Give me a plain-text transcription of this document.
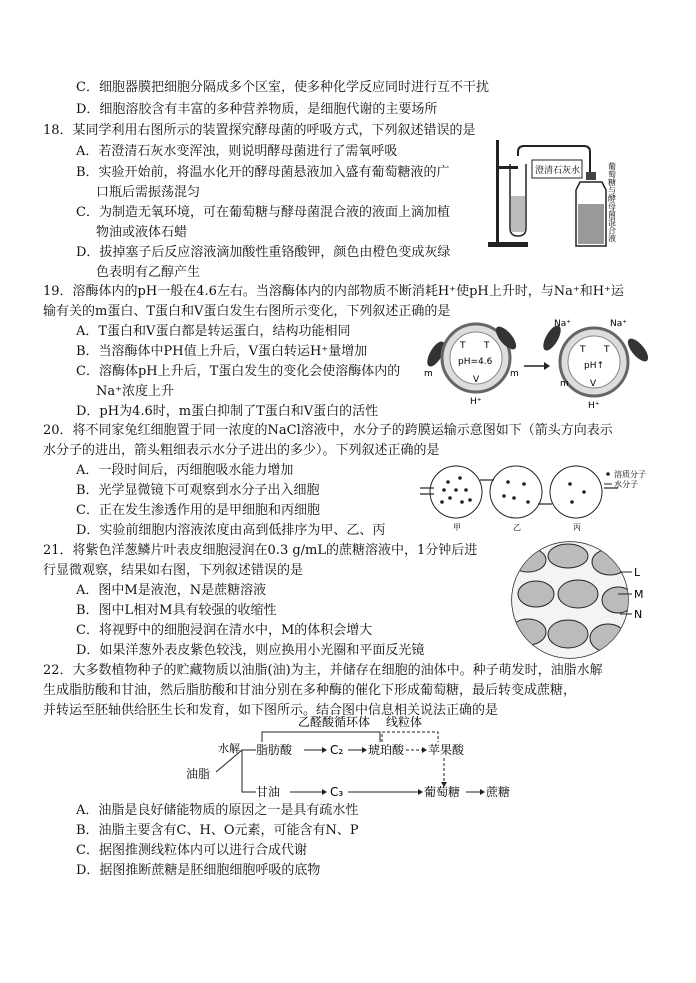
C．细胞器膜把细胞分隔成多个区室，使多种化学反应同时进行互不干扰
D．细胞溶胶含有丰富的多种营养物质，是细胞代谢的主要场所
18．某同学利用右图所示的装置探究酵母菌的呼吸方式，下列叙述错误的是
A．若澄清石灰水变浑浊，则说明酵母菌进行了需氧呼吸
B．实验开始前，将温水化开的酵母菌悬液加入盛有葡萄糖液的广
口瓶后需振荡混匀
C．为制造无氧环境，可在葡萄糖与酵母菌混合液的液面上滴加植
物油或液体石蜡
D．拔掉塞子后反应溶液滴加酸性重铬酸钾，颜色由橙色变成灰绿
色表明有乙醇产生
澄清石灰水	葡萄糖与酵母菌混合液
19．溶酶体内的pH一般在4.6左右。当溶酶体内的内部物质不断消耗H⁺使pH上升时，与Na⁺和H⁺运
输有关的m蛋白、T蛋白和V蛋白发生右图所示变化，下列叙述正确的是
A．T蛋白和V蛋白都是转运蛋白，结构功能相同
B．当溶酶体中PH值上升后，V蛋白转运H⁺量增加
C．溶酶体pH上升后，T蛋白发生的变化会使溶酶体内的
Na⁺浓度上升
D．pH为4.6时，m蛋白抑制了T蛋白和V蛋白的活性
T T
pH=4.6
V
m	m
H⁺
Na⁺	Na⁺
T T
pH↑
V
m
H⁺
20．将不同家兔红细胞置于同一浓度的NaCl溶液中，水分子的跨膜运输示意图如下（箭头方向表示
水分子的进出，箭头粗细表示水分子进出的多少）。下列叙述正确的是
A．一段时间后，丙细胞吸水能力增加
B．光学显微镜下可观察到水分子出入细胞
C．正在发生渗透作用的是甲细胞和丙细胞
D．实验前细胞内溶液浓度由高到低排序为甲、乙、丙	甲	乙	丙
溶质分子
水分子
21．将紫色洋葱鳞片叶表皮细胞浸润在0.3 g/mL的蔗糖溶液中，1分钟后进
行显微观察，结果如右图，下列叙述错误的是
A．图中M是液泡，N是蔗糖溶液
B．图中L相对M具有较强的收缩性
C．将视野中的细胞浸润在清水中，M的体积会增大
D．如果洋葱外表皮紫色较浅，则应换用小光圈和平面反光镜
L
M
N
22．大多数植物种子的贮藏物质以油脂(油)为主，并储存在细胞的油体中。种子萌发时，油脂水解
生成脂肪酸和甘油，然后脂肪酸和甘油分别在多种酶的催化下形成葡萄糖，最后转变成蔗糖，
并转运至胚轴供给胚生长和发育，如下图所示。结合图中信息相关说法正确的是
乙醛酸循环体 线粒体
油脂
水解 脂肪酸	C₂ 琥珀酸 苹果酸
甘油	C₃	葡萄糖 蔗糖
A．油脂是良好储能物质的原因之一是具有疏水性
B．油脂主要含有C、H、O元素，可能含有N、P
C．据图推测线粒体内可以进行合成代谢
D．据图推断蔗糖是胚细胞细胞呼吸的底物
